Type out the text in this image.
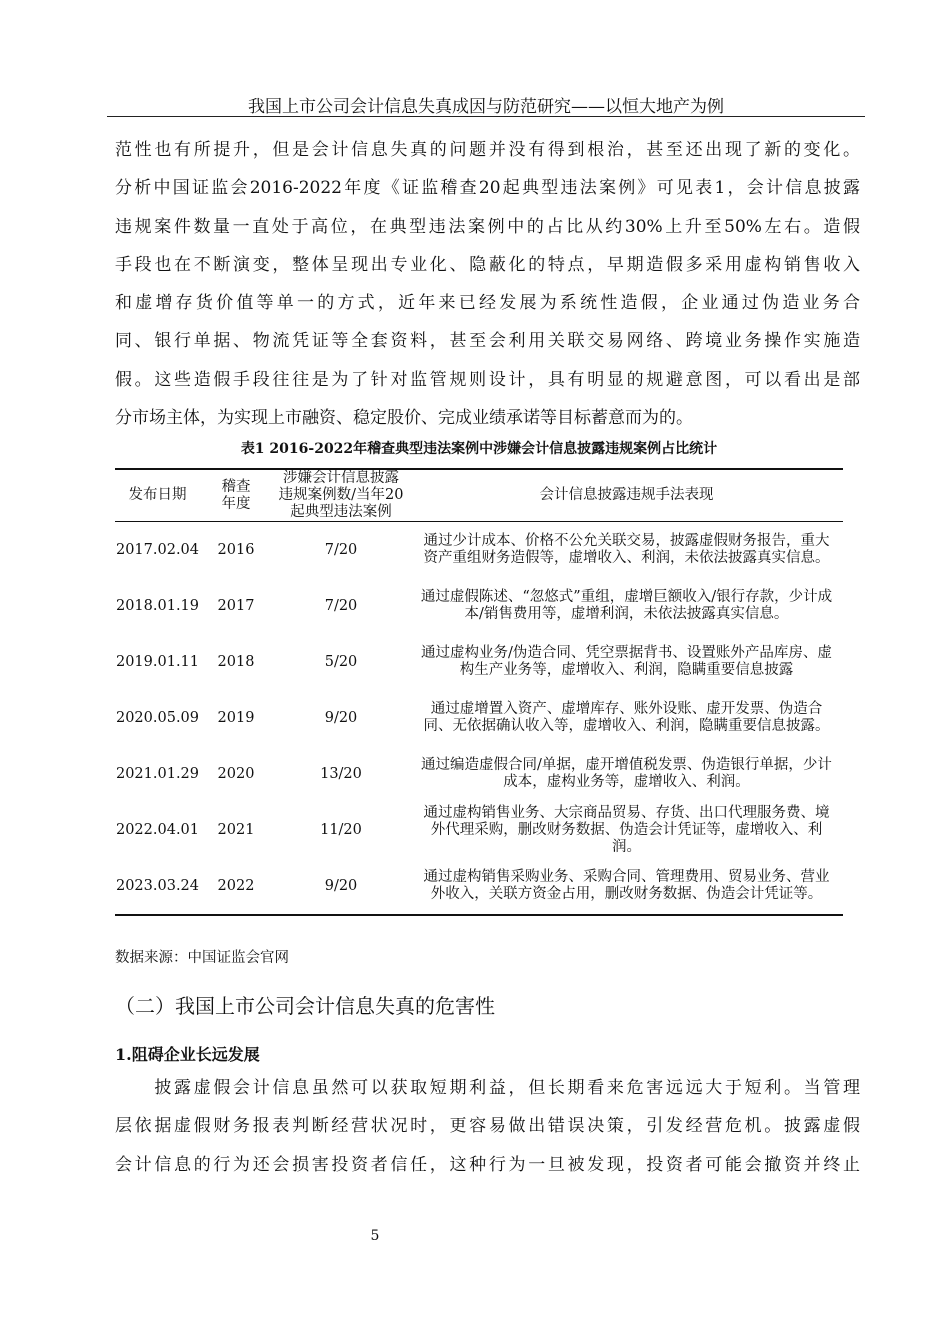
我国上市公司会计信息失真成因与防范研究——以恒大地产为例
范性也有所提升，但是会计信息失真的问题并没有得到根治，甚至还出现了新的变化。
分析中国证监会2016-2022年度《证监稽查20起典型违法案例》可见表1，会计信息披露
违规案件数量一直处于高位，在典型违法案例中的占比从约30%上升至50%左右。造假
手段也在不断演变，整体呈现出专业化、隐蔽化的特点，早期造假多采用虚构销售收入
和虚增存货价值等单一的方式，近年来已经发展为系统性造假，企业通过伪造业务合
同、银行单据、物流凭证等全套资料，甚至会利用关联交易网络、跨境业务操作实施造
假。这些造假手段往往是为了针对监管规则设计，具有明显的规避意图，可以看出是部
分市场主体，为实现上市融资、稳定股价、完成业绩承诺等目标蓄意而为的。
表1 2016-2022年稽查典型违法案例中涉嫌会计信息披露违规案例占比统计
发布日期	稽查年度	涉嫌会计信息披露违规案例数/当年20起典型违法案例	会计信息披露违规手法表现
2017.02.04	2016	7/20	通过少计成本、价格不公允关联交易，披露虚假财务报告，重大资产重组财务造假等，虚增收入、利润，未依法披露真实信息。
2018.01.19	2017	7/20	通过虚假陈述、“忽悠式”重组，虚增巨额收入/银行存款，少计成本/销售费用等，虚增利润，未依法披露真实信息。
2019.01.11	2018	5/20	通过虚构业务/伪造合同、凭空票据背书、设置账外产品库房、虚构生产业务等，虚增收入、利润，隐瞒重要信息披露
2020.05.09	2019	9/20	通过虚增置入资产、虚增库存、账外设账、虚开发票、伪造合同、无依据确认收入等，虚增收入、利润，隐瞒重要信息披露。
2021.01.29	2020	13/20	通过编造虚假合同/单据，虚开增值税发票、伪造银行单据，少计成本，虚构业务等，虚增收入、利润。
2022.04.01	2021	11/20	通过虚构销售业务、大宗商品贸易、存货、出口代理服务费、境外代理采购，删改财务数据、伪造会计凭证等，虚增收入、利润。
2023.03.24	2022	9/20	通过虚构销售采购业务、采购合同、管理费用、贸易业务、营业外收入，关联方资金占用，删改财务数据、伪造会计凭证等。
数据来源：中国证监会官网
（二）我国上市公司会计信息失真的危害性
1.阻碍企业长远发展
　　披露虚假会计信息虽然可以获取短期利益，但长期看来危害远远大于短利。当管理
层依据虚假财务报表判断经营状况时，更容易做出错误决策，引发经营危机。披露虚假
会计信息的行为还会损害投资者信任，这种行为一旦被发现，投资者可能会撤资并终止
5
